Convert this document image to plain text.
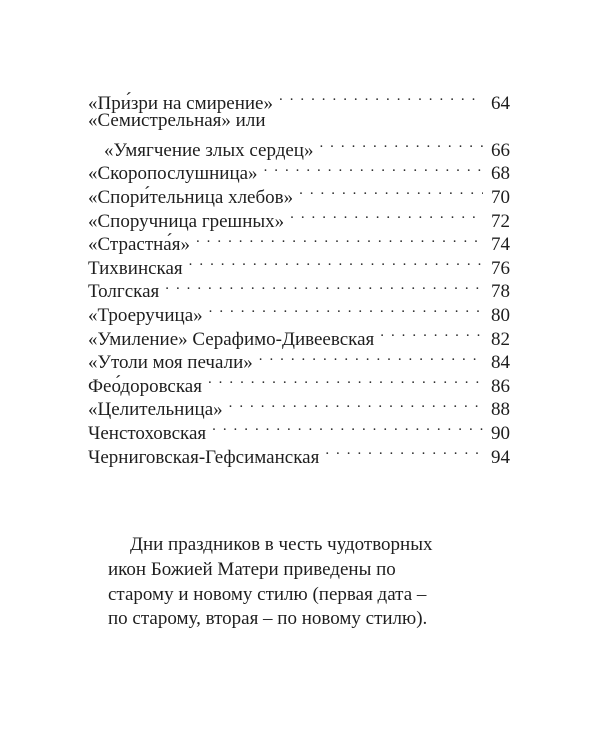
«При́зри на смирение» . . .	64
«Семистрельная» или
«Умягчение злых сердец» . . .	66
«Скоропослушница» . . .	68
«Спори́тельница хлебов» . . .	70
«Споручница грешных» . . .	72
«Страстна́я» . . .	74
Тихвинская . . .	76
Толгская . . .	78
«Троеручица» . . .	80
«Умиление» Серафимо-Дивеевская . . .	82
«Утоли моя печали» . . .	84
Фео́доровская . . .	86
«Целительница» . . .	88
Ченстоховская . . .	90
Черниговская-Гефсиманская . . .	94
Дни праздников в честь чудотворных
икон Божией Матери приведены по
старому и новому стилю (первая дата –
по старому, вторая – по новому стилю).
